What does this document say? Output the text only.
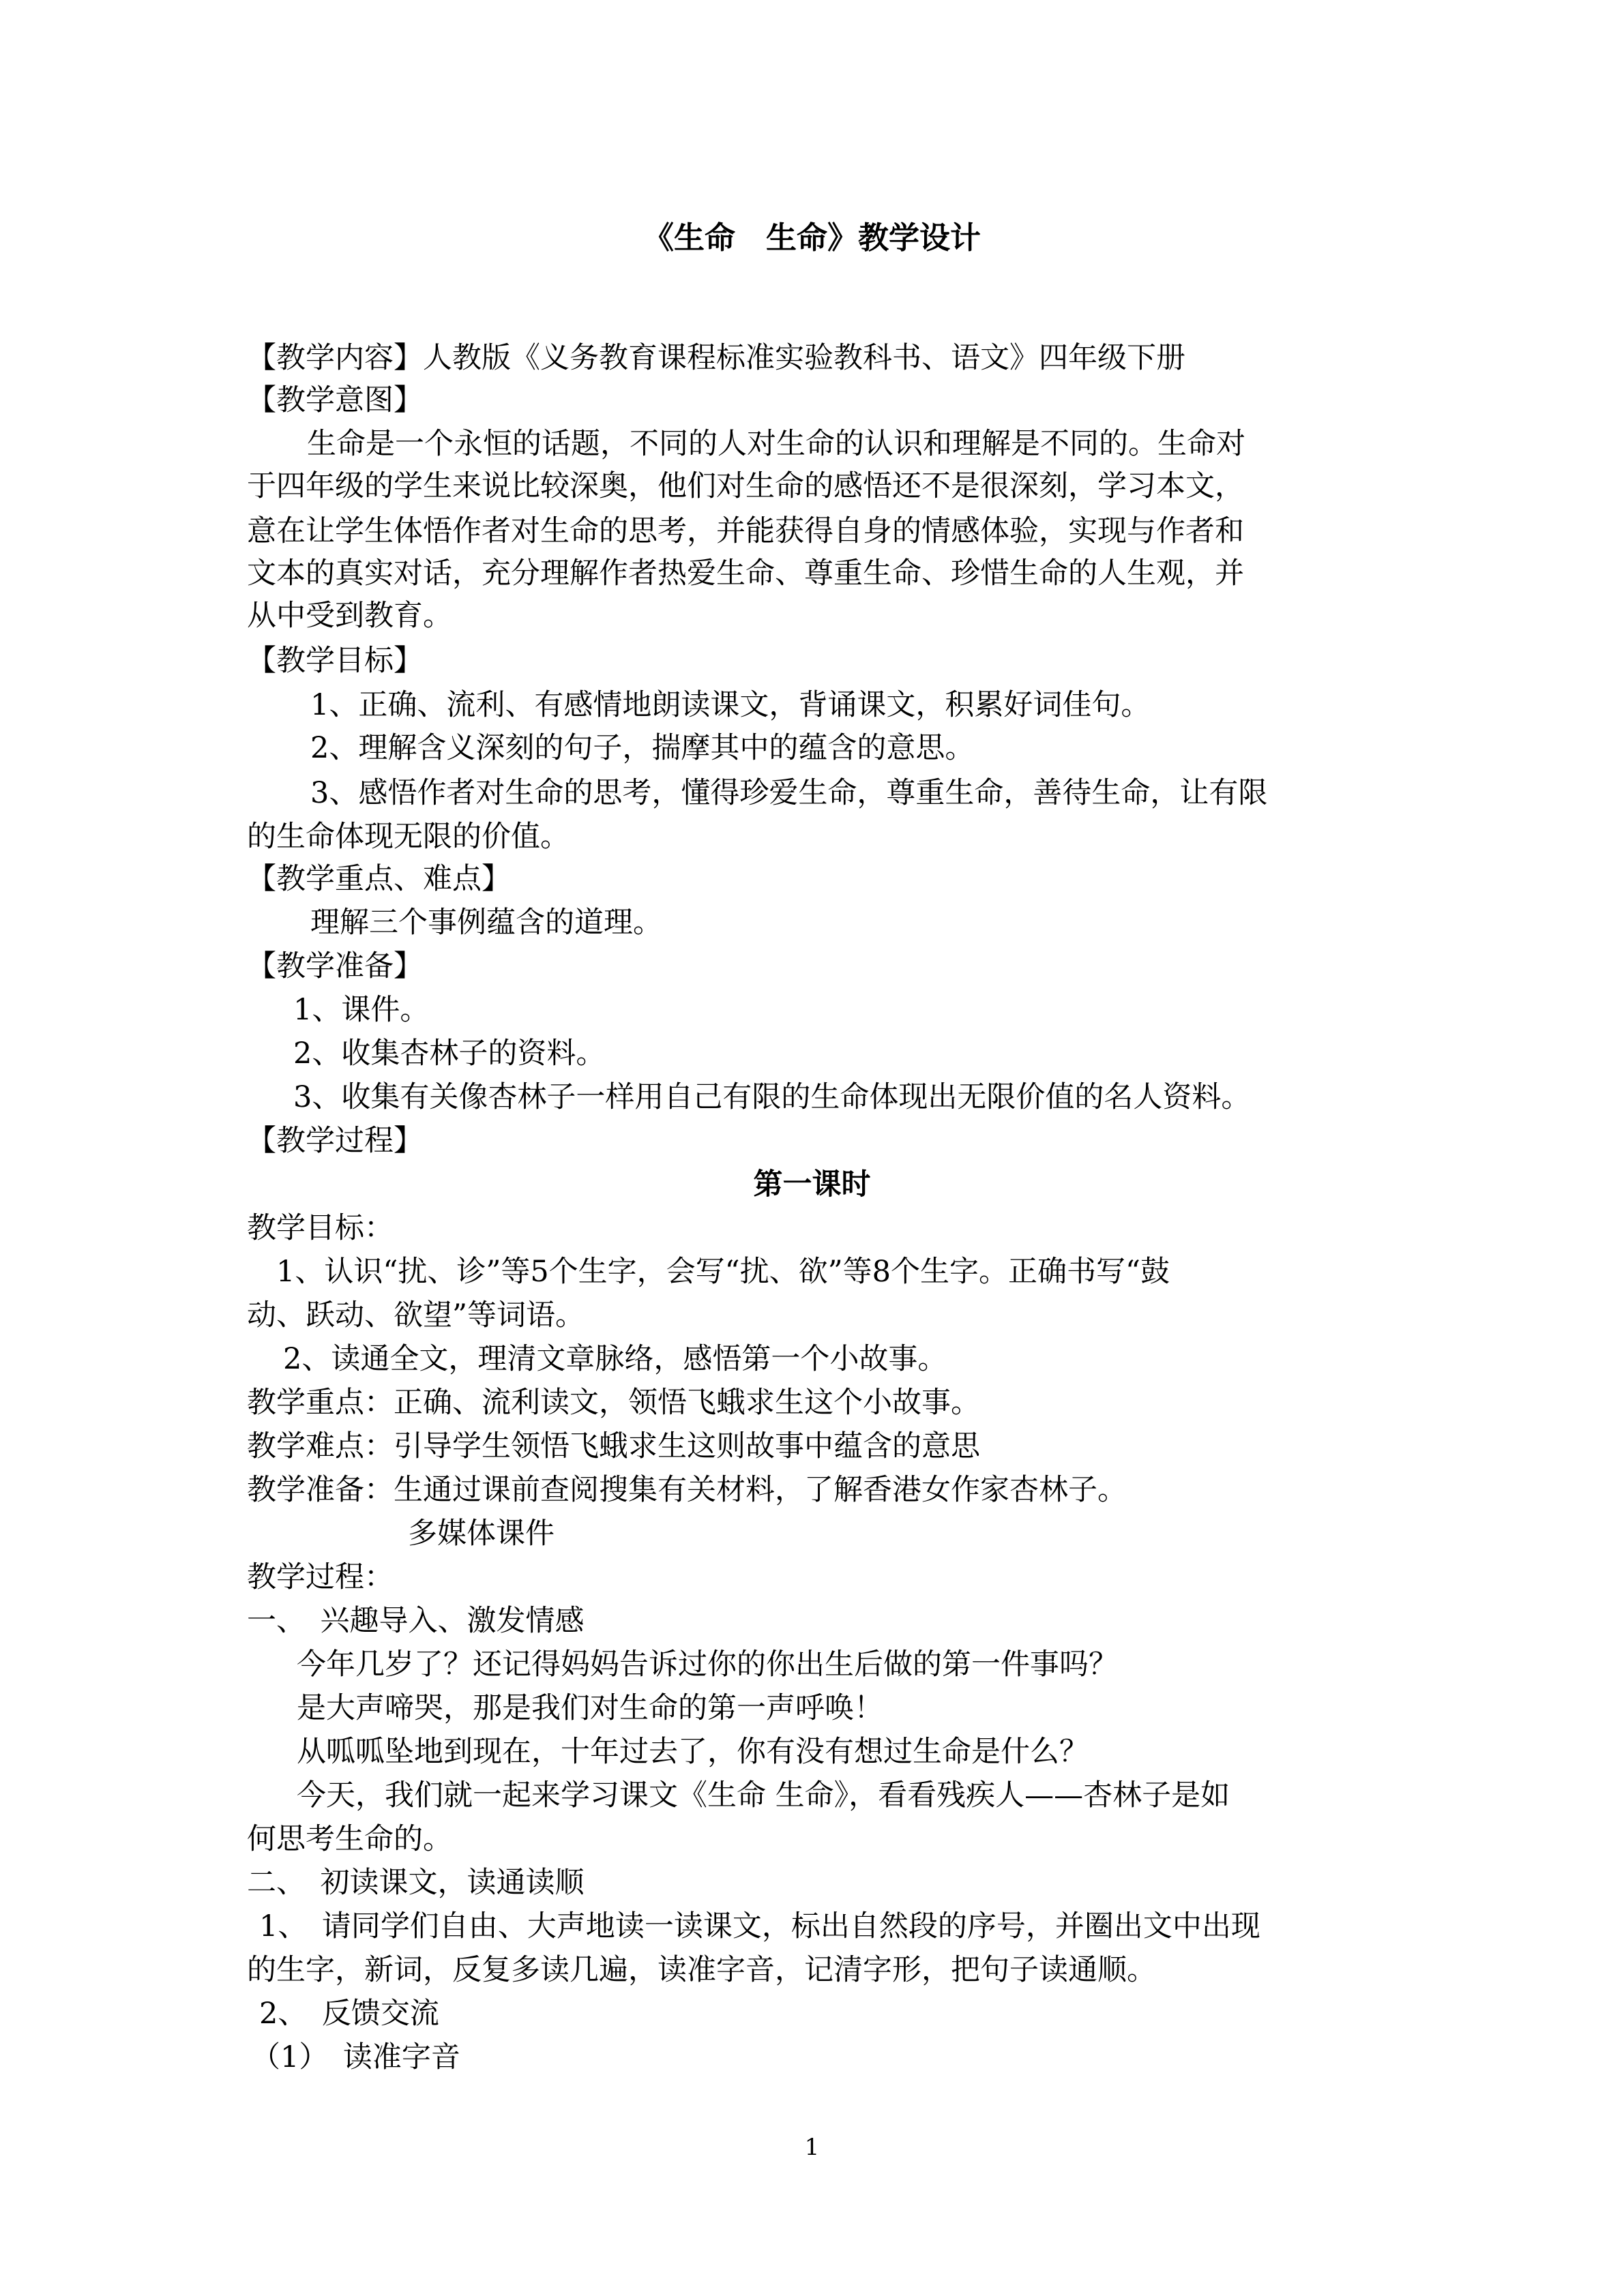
《生命　生命》教学设计
【教学内容】人教版《义务教育课程标准实验教科书、语文》四年级下册
【教学意图】
生命是一个永恒的话题，不同的人对生命的认识和理解是不同的。生命对
于四年级的学生来说比较深奥，他们对生命的感悟还不是很深刻，学习本文，
意在让学生体悟作者对生命的思考，并能获得自身的情感体验，实现与作者和
文本的真实对话，充分理解作者热爱生命、尊重生命、珍惜生命的人生观，并
从中受到教育。
【教学目标】
1、正确、流利、有感情地朗读课文，背诵课文，积累好词佳句。
2、理解含义深刻的句子，揣摩其中的蕴含的意思。
3、感悟作者对生命的思考，懂得珍爱生命，尊重生命，善待生命，让有限
的生命体现无限的价值。
【教学重点、难点】
理解三个事例蕴含的道理。
【教学准备】
1、课件。
2、收集杏林子的资料。
3、收集有关像杏林子一样用自己有限的生命体现出无限价值的名人资料。
【教学过程】
第一课时
教学目标：
1、认识“扰、诊”等5个生字，会写“扰、欲”等8个生字。正确书写“鼓
动、跃动、欲望”等词语。
2、读通全文，理清文章脉络，感悟第一个小故事。
教学重点：正确、流利读文，领悟飞蛾求生这个小故事。
教学难点：引导学生领悟飞蛾求生这则故事中蕴含的意思
教学准备：生通过课前查阅搜集有关材料，了解香港女作家杏林子。
多媒体课件
教学过程：
一、　兴趣导入、激发情感
今年几岁了？还记得妈妈告诉过你的你出生后做的第一件事吗？
是大声啼哭，那是我们对生命的第一声呼唤！
从呱呱坠地到现在，十年过去了，你有没有想过生命是什么？
今天，我们就一起来学习课文《生命 生命》，看看残疾人——杏林子是如
何思考生命的。
二、　初读课文，读通读顺
1、　请同学们自由、大声地读一读课文，标出自然段的序号，并圈出文中出现
的生字，新词，反复多读几遍，读准字音，记清字形，把句子读通顺。
2、　反馈交流
（1）　读准字音
1
